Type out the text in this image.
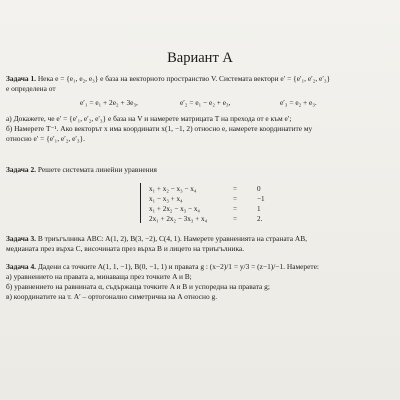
Вариант А
Задача 1. Нека e = {e₁, e₂, e₃} е база на векторното пространство V. Системата вектори e′ = {e′₁, e′₂, e′₃}
е определена от
e′₁ = e₁ + 2e₂ + 3e₃,	e′₂ = e₁ − e₂ + e₃,	e′₃ = e₂ + e₃.
а) Докажете, че e′ = {e′₁, e′₂, e′₃} е база на V и намерете матрицата T на прехода от e към e′;
б) Намерете T⁻¹. Ако векторът x има координати x(1, −1, 2) относно e, намерете координатите му
относно e′ = {e′₁, e′₂, e′₃}.
Задача 2. Решете системата линейни уравнения
x₁ + x₂ − x₃ − x₄	=	0
x₁ − x₃ + x₄	=	−1
x₁ + 2x₂ − x₃ − x₄	=	1
2x₁ + 2x₂ − 3x₃ + x₄	=	2.
Задача 3. В триъгълника ABC: A(1, 2), B(3, −2), C(4, 1). Намерете уравненията на страната AB,
медианата през върха C, височината през върха B и лицето на триъгълника.
Задача 4. Дадени са точките A(1, 1, −1), B(0, −1, 1) и правата g : (x−2)/1 = y/3 = (z−1)/−1. Намерете:
а) уравнението на правата a, минаваща през точките A и B;
б) уравнението на равнината α, съдържаща точките A и B и успоредна на правата g;
в) координатите на т. A′ – ортогонално симетрична на A относно g.
